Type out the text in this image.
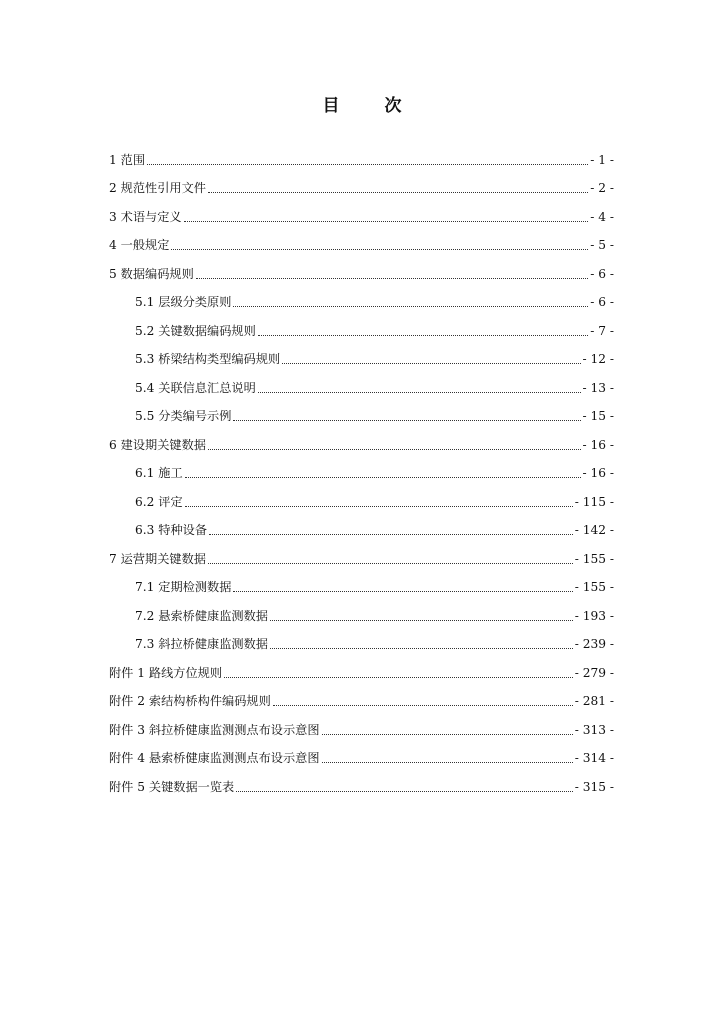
目　次
1 范围	- 1 -
2 规范性引用文件	- 2 -
3 术语与定义	- 4 -
4 一般规定	- 5 -
5 数据编码规则	- 6 -
5.1 层级分类原则	- 6 -
5.2 关键数据编码规则	- 7 -
5.3 桥梁结构类型编码规则	- 12 -
5.4 关联信息汇总说明	- 13 -
5.5 分类编号示例	- 15 -
6 建设期关键数据	- 16 -
6.1 施工	- 16 -
6.2 评定	- 115 -
6.3 特种设备	- 142 -
7 运营期关键数据	- 155 -
7.1 定期检测数据	- 155 -
7.2 悬索桥健康监测数据	- 193 -
7.3 斜拉桥健康监测数据	- 239 -
附件 1 路线方位规则	- 279 -
附件 2 索结构桥构件编码规则	- 281 -
附件 3 斜拉桥健康监测测点布设示意图	- 313 -
附件 4 悬索桥健康监测测点布设示意图	- 314 -
附件 5 关键数据一览表	- 315 -
